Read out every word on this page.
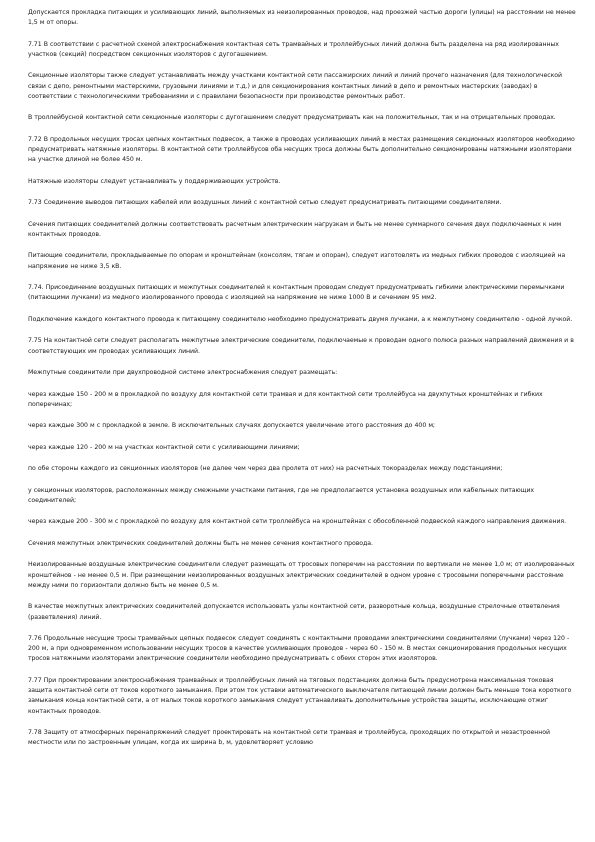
Допускается прокладка питающих и усиливающих линий, выполняемых из неизолированных проводов, над проезжей частью дороги (улицы) на расстоянии не менее 1,5 м от опоры.

7.71 В соответствии с расчетной схемой электроснабжения контактная сеть трамвайных и троллейбусных линий должна быть разделена на ряд изолированных участков (секций) посредством секционных изоляторов с дугогашением.

Секционные изоляторы также следует устанавливать между участками контактной сети пассажирских линий и линий прочего назначения (для технологической связи с депо, ремонтными мастерскими, грузовыми линиями и т.д.) и для секционирования контактных линий в депо и ремонтных мастерских (заводах) в соответствии с технологическими требованиями и с правилами безопасности при производстве ремонтных работ.

В троллейбусной контактной сети секционные изоляторы с дугогашением следует предусматривать как на положительных, так и на отрицательных проводах.

7.72 В продольных несущих тросах цепных контактных подвесок, а также в проводах усиливающих линий в местах размещения секционных изоляторов необходимо предусматривать натяжные изоляторы. В контактной сети троллейбусов оба несущих троса должны быть дополнительно секционированы натяжными изоляторами на участке длиной не более 450 м.

Натяжные изоляторы следует устанавливать у поддерживающих устройств.

7.73 Соединение выводов питающих кабелей или воздушных линий с контактной сетью следует предусматривать питающими соединителями.

Сечения питающих соединителей должны соответствовать расчетным электрическим нагрузкам и быть не менее суммарного сечения двух подключаемых к ним контактных проводов.

Питающие соединители, прокладываемые по опорам и кронштейнам (консолям, тягам и опорам), следует изготовлять из медных гибких проводов с изоляцией на напряжение не ниже 3,5 кВ.

7.74. Присоединение воздушных питающих и межпутных соединителей к контактным проводам следует предусматривать гибкими электрическими перемычками (питающими лучками) из медного изолированного провода с изоляцией на напряжение не ниже 1000 В и сечением 95 мм2.

Подключение каждого контактного провода к питающему соединителю необходимо предусматривать двумя лучками, а к межпутному соединителю - одной лучкой.

7.75 На контактной сети следует располагать межпутные электрические соединители, подключаемые к проводам одного полюса разных направлений движения и в соответствующих им проводах усиливающих линий.

Межпутные соединители при двухпроводной системе электроснабжения следует размещать:

через каждые 150 - 200 м в прокладкой по воздуху для контактной сети трамвая и для контактной сети троллейбуса на двухпутных кронштейнах и гибких поперечинах;

через каждые 300 м с прокладкой в земле. В исключительных случаях допускается увеличение этого расстояния до 400 м;

через каждые 120 - 200 м на участках контактной сети с усиливающими линиями;

по обе стороны каждого из секционных изоляторов (не далее чем через два пролета от них) на расчетных токоразделах между подстанциями;

у секционных изоляторов, расположенных между смежными участками питания, где не предполагается установка воздушных или кабельных питающих соединителей;

через каждые 200 - 300 м с прокладкой по воздуху для контактной сети троллейбуса на кронштейнах с обособленной подвеской каждого направления движения.

Сечения межпутных электрических соединителей должны быть не менее сечения контактного провода.

Неизолированные воздушные электрические соединители следует размещать от тросовых поперечин на расстоянии по вертикали не менее 1,0 м; от изолированных кронштейнов - не менее 0,5 м. При размещении неизолированных воздушных электрических соединителей в одном уровне с тросовыми поперечными расстояние между ними по горизонтали должно быть не менее 0,5 м.

В качестве межпутных электрических соединителей допускается использовать узлы контактной сети, разворотные кольца, воздушные стрелочные ответвления (разветвления) линий.

7.76 Продольные несущие тросы трамвайных цепных подвесок следует соединять с контактными проводами электрическими соединителями (лучками) через 120 - 200 м, а при одновременном использовании несущих тросов в качестве усиливающих проводов - через 60 - 150 м. В местах секционирования продольных несущих тросов натяжными изоляторами электрические соединители необходимо предусматривать с обеих сторон этих изоляторов.

7.77 При проектировании электроснабжения трамвайных и троллейбусных линий на тяговых подстанциях должна быть предусмотрена максимальная токовая защита контактной сети от токов короткого замыкания. При этом ток уставки автоматического выключателя питающей линии должен быть меньше тока короткого замыкания конца контактной сети, а от малых токов короткого замыкания следует устанавливать дополнительные устройства защиты, исключающие отжиг контактных проводов.

7.78 Защиту от атмосферных перенапряжений следует проектировать на контактной сети трамвая и троллейбуса, проходящих по открытой и незастроенной местности или по застроенным улицам, когда их ширина b, м, удовлетворяет условию
